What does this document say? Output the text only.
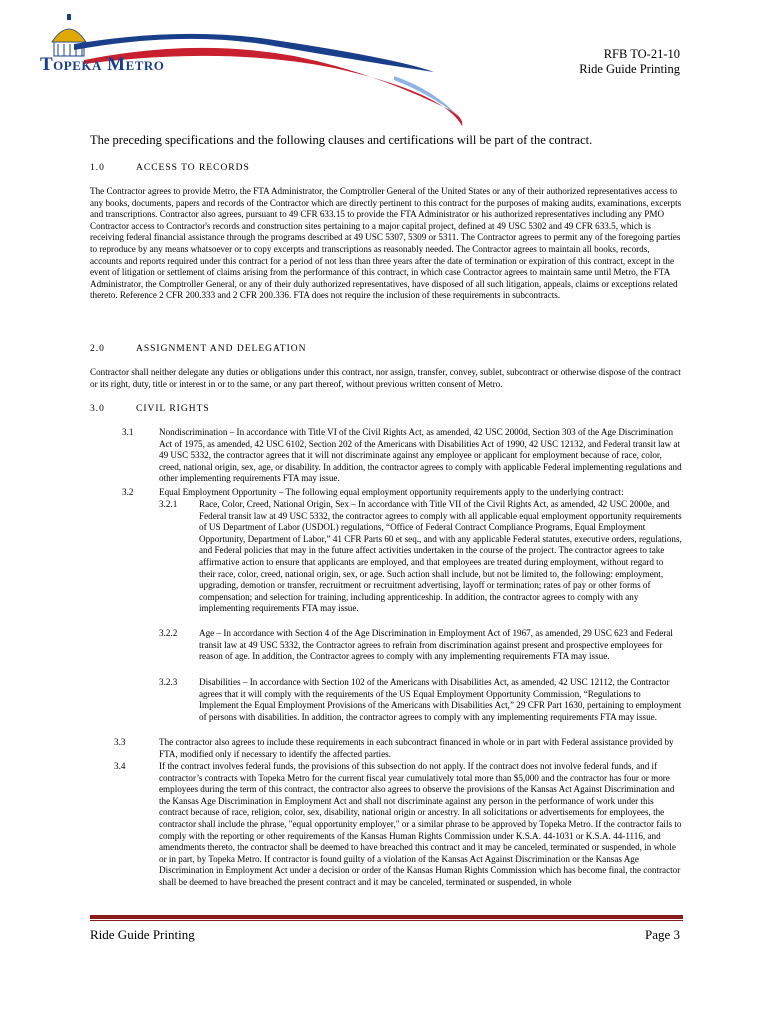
Topeka Metro	RFB TO-21-10
Ride Guide Printing
The preceding specifications and the following clauses and certifications will be part of the contract.
1.0	ACCESS TO RECORDS

The Contractor agrees to provide Metro, the FTA Administrator, the Comptroller General of the United States or any of their authorized representatives access to any books, documents, papers and records of the Contractor which are directly pertinent to this contract for the purposes of making audits, examinations, excerpts and transcriptions. Contractor also agrees, pursuant to 49 CFR 633.15 to provide the FTA Administrator or his authorized representatives including any PMO Contractor access to Contractor's records and construction sites pertaining to a major capital project, defined at 49 USC 5302 and 49 CFR 633.5, which is receiving federal financial assistance through the programs described at 49 USC 5307, 5309 or 5311. The Contractor agrees to permit any of the foregoing parties to reproduce by any means whatsoever or to copy excerpts and transcriptions as reasonably needed. The Contractor agrees to maintain all books, records, accounts and reports required under this contract for a period of not less than three years after the date of termination or expiration of this contract, except in the event of litigation or settlement of claims arising from the performance of this contract, in which case Contractor agrees to maintain same until Metro, the FTA Administrator, the Comptroller General, or any of their duly authorized representatives, have disposed of all such litigation, appeals, claims or exceptions related thereto. Reference 2 CFR 200.333 and 2 CFR 200.336. FTA does not require the inclusion of these requirements in subcontracts.

2.0	ASSIGNMENT AND DELEGATION

Contractor shall neither delegate any duties or obligations under this contract, nor assign, transfer, convey, sublet, subcontract or otherwise dispose of the contract or its right, duty, title or interest in or to the same, or any part thereof, without previous written consent of Metro.

3.0	CIVIL RIGHTS
3.1	Nondiscrimination – In accordance with Title VI of the Civil Rights Act, as amended, 42 USC 2000d, Section 303 of the Age Discrimination Act of 1975, as amended, 42 USC 6102, Section 202 of the Americans with Disabilities Act of 1990, 42 USC 12132, and Federal transit law at 49 USC 5332, the contractor agrees that it will not discriminate against any employee or applicant for employment because of race, color, creed, national origin, sex, age, or disability. In addition, the contractor agrees to comply with applicable Federal implementing regulations and other implementing requirements FTA may issue.
3.2	Equal Employment Opportunity – The following equal employment opportunity requirements apply to the underlying contract:
3.2.1 Race, Color, Creed, National Origin, Sex – In accordance with Title VII of the Civil Rights Act, as amended, 42 USC 2000e, and Federal transit law at 49 USC 5332, the contractor agrees to comply with all applicable equal employment opportunity requirements of US Department of Labor (USDOL) regulations, “Office of Federal Contract Compliance Programs, Equal Employment Opportunity, Department of Labor,” 41 CFR Parts 60 et seq., and with any applicable Federal statutes, executive orders, regulations, and Federal policies that may in the future affect activities undertaken in the course of the project. The contractor agrees to take affirmative action to ensure that applicants are employed, and that employees are treated during employment, without regard to their race, color, creed, national origin, sex, or age. Such action shall include, but not be limited to, the following: employment, upgrading, demotion or transfer, recruitment or recruitment advertising, layoff or termination; rates of pay or other forms of compensation; and selection for training, including apprenticeship. In addition, the contractor agrees to comply with any implementing requirements FTA may issue.
3.2.2 Age – In accordance with Section 4 of the Age Discrimination in Employment Act of 1967, as amended, 29 USC 623 and Federal transit law at 49 USC 5332, the Contractor agrees to refrain from discrimination against present and prospective employees for reason of age. In addition, the Contractor agrees to comply with any implementing requirements FTA may issue.
3.2.3 Disabilities – In accordance with Section 102 of the Americans with Disabilities Act, as amended, 42 USC 12112, the Contractor agrees that it will comply with the requirements of the US Equal Employment Opportunity Commission, “Regulations to Implement the Equal Employment Provisions of the Americans with Disabilities Act,” 29 CFR Part 1630, pertaining to employment of persons with disabilities. In addition, the contractor agrees to comply with any implementing requirements FTA may issue.
3.3	The contractor also agrees to include these requirements in each subcontract financed in whole or in part with Federal assistance provided by FTA, modified only if necessary to identify the affected parties.
3.4	If the contract involves federal funds, the provisions of this subsection do not apply. If the contract does not involve federal funds, and if contractor’s contracts with Topeka Metro for the current fiscal year cumulatively total more than $5,000 and the contractor has four or more employees during the term of this contract, the contractor also agrees to observe the provisions of the Kansas Act Against Discrimination and the Kansas Age Discrimination in Employment Act and shall not discriminate against any person in the performance of work under this contract because of race, religion, color, sex, disability, national origin or ancestry. In all solicitations or advertisements for employees, the contractor shall include the phrase, "equal opportunity employer," or a similar phrase to be approved by Topeka Metro. If the contractor fails to comply with the reporting or other requirements of the Kansas Human Rights Commission under K.S.A. 44-1031 or K.S.A. 44-1116, and amendments thereto, the contractor shall be deemed to have breached this contract and it may be canceled, terminated or suspended, in whole or in part, by Topeka Metro. If contractor is found guilty of a violation of the Kansas Act Against Discrimination or the Kansas Age Discrimination in Employment Act under a decision or order of the Kansas Human Rights Commission which has become final, the contractor shall be deemed to have breached the present contract and it may be canceled, terminated or suspended, in whole
Ride Guide Printing	Page 3
